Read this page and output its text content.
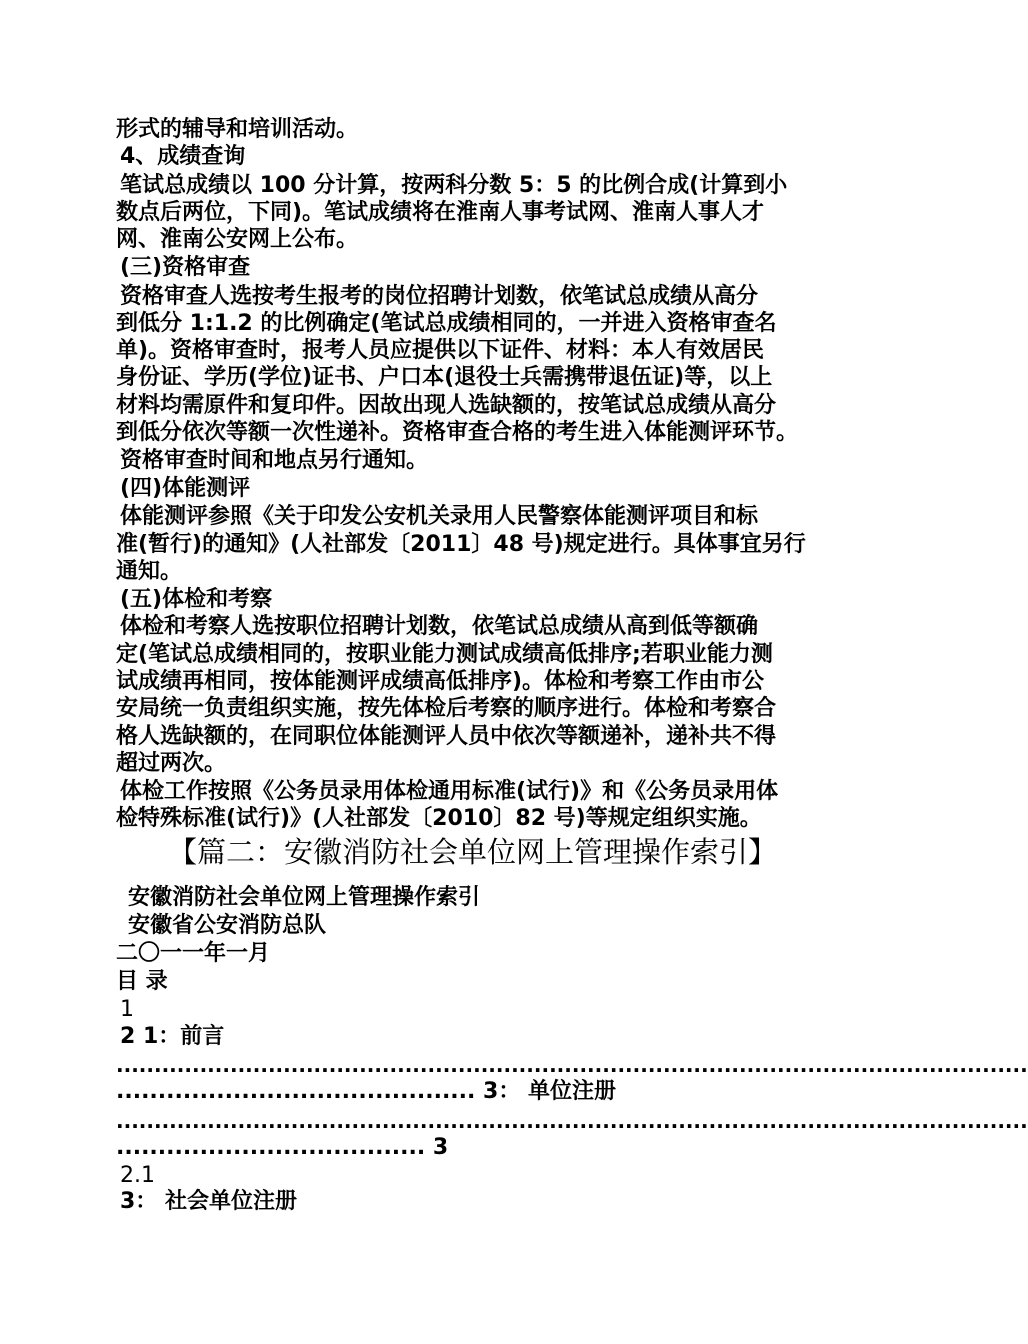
形式的辅导和培训活动。
4、成绩查询
笔试总成绩以 100 分计算，按两科分数 5：5 的比例合成(计算到小
数点后两位，下同)。笔试成绩将在淮南人事考试网、淮南人事人才
网、淮南公安网上公布。
(三)资格审查
资格审查人选按考生报考的岗位招聘计划数，依笔试总成绩从高分
到低分 1:1.2 的比例确定(笔试总成绩相同的，一并进入资格审查名
单)。资格审查时，报考人员应提供以下证件、材料：本人有效居民
身份证、学历(学位)证书、户口本(退役士兵需携带退伍证)等，以上
材料均需原件和复印件。因故出现人选缺额的，按笔试总成绩从高分
到低分依次等额一次性递补。资格审查合格的考生进入体能测评环节。
资格审查时间和地点另行通知。
(四)体能测评
体能测评参照《关于印发公安机关录用人民警察体能测评项目和标
准(暂行)的通知》(人社部发〔2011〕48 号)规定进行。具体事宜另行
通知。
(五)体检和考察
体检和考察人选按职位招聘计划数，依笔试总成绩从高到低等额确
定(笔试总成绩相同的，按职业能力测试成绩高低排序;若职业能力测
试成绩再相同，按体能测评成绩高低排序)。体检和考察工作由市公
安局统一负责组织实施，按先体检后考察的顺序进行。体检和考察合
格人选缺额的，在同职位体能测评人员中依次等额递补，递补共不得
超过两次。
体检工作按照《公务员录用体检通用标准(试行)》和《公务员录用体
检特殊标准(试行)》(人社部发〔2010〕82 号)等规定组织实施。
【篇二：安徽消防社会单位网上管理操作索引】
安徽消防社会单位网上管理操作索引
安徽省公安消防总队
二〇一一年一月
目 录
1
2 1：前言
........................................................................................................................
........................................... 3： 单位注册
........................................................................................................................
..................................... 3
2.1
3： 社会单位注册
